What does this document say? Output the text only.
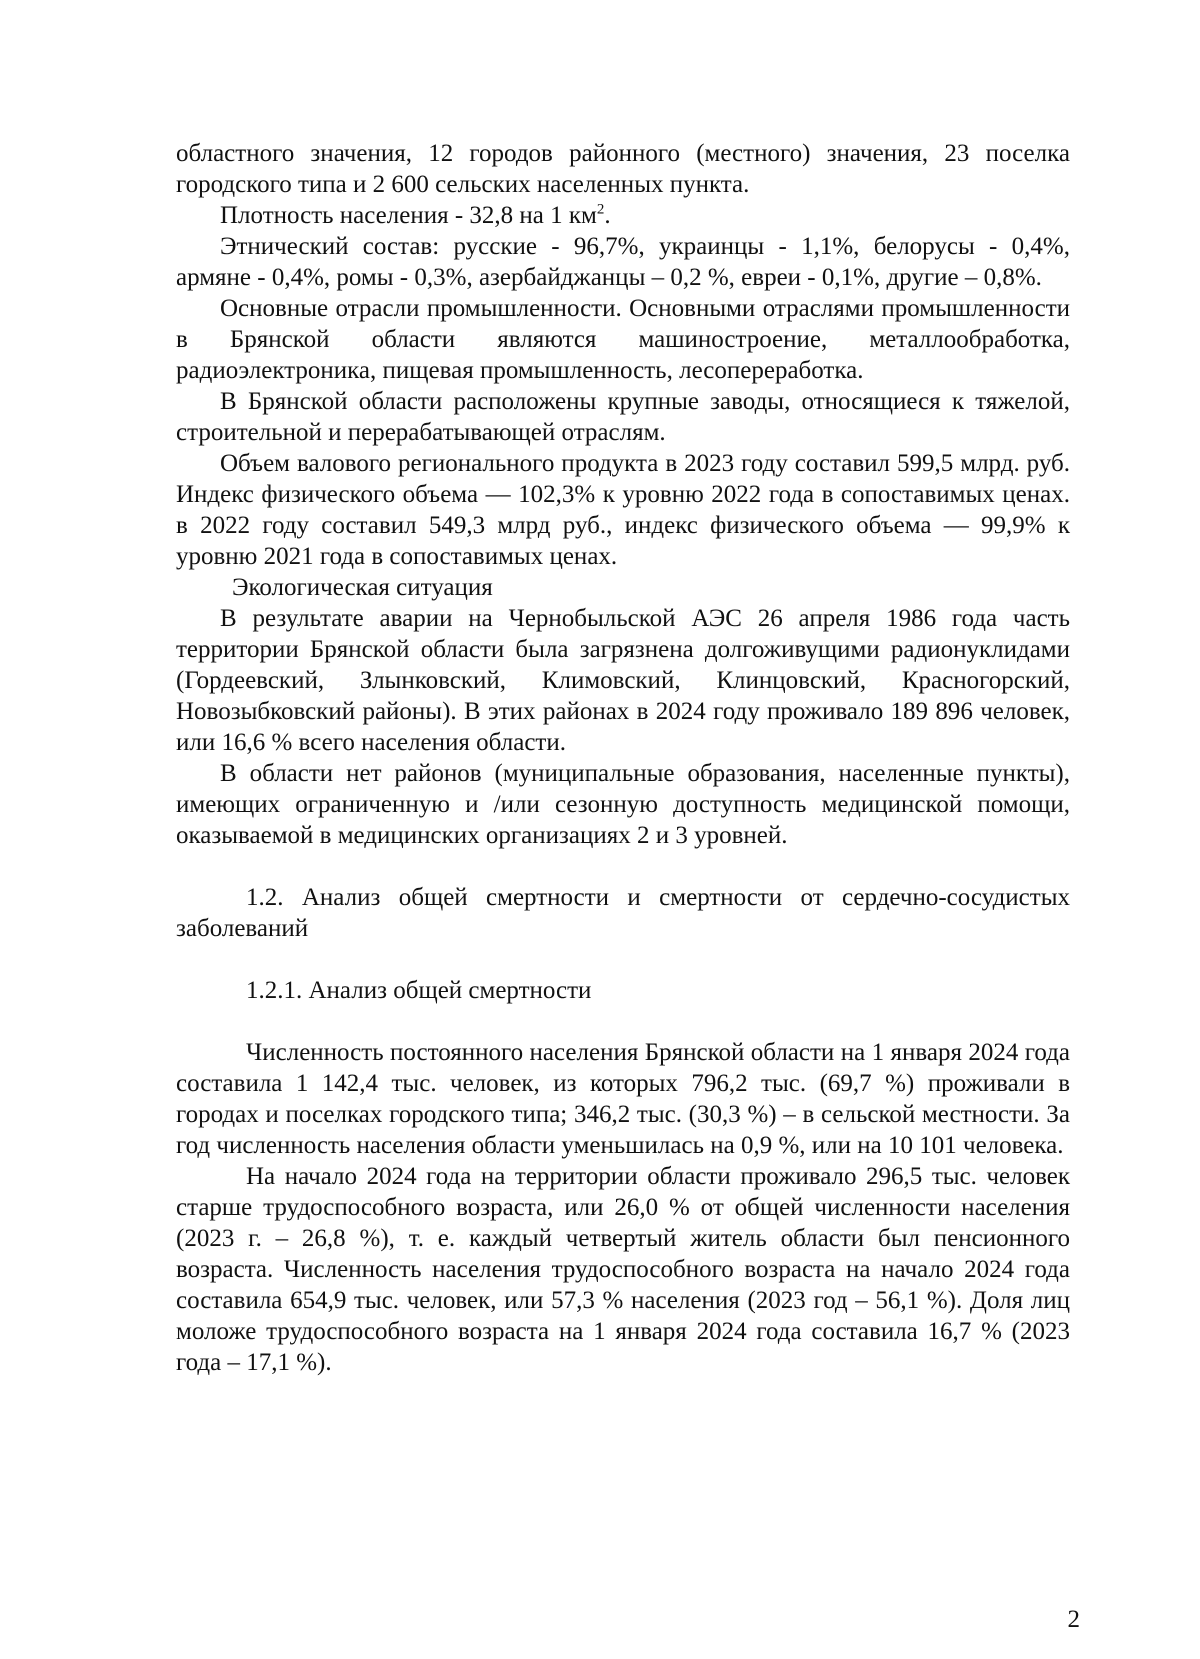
областного значения, 12 городов районного (местного) значения, 23 поселка городского типа и 2 600 сельских населенных пункта.

Плотность населения - 32,8 на 1 $км^2$.

Этнический состав: русские - 96,7%, украинцы - 1,1%, белорусы - 0,4%, армяне - 0,4%, ромы - 0,3%, азербайджанцы – 0,2 %, евреи - 0,1%, другие – 0,8%.

Основные отрасли промышленности. Основными отраслями промышленности в Брянской области являются машиностроение, металлообработка, радиоэлектроника, пищевая промышленность, лесопереработка.

В Брянской области расположены крупные заводы, относящиеся к тяжелой, строительной и перерабатывающей отраслям.

Объем валового регионального продукта в 2023 году составил 599,5 млрд. руб. Индекс физического объема — 102,3% к уровню 2022 года в сопоставимых ценах. в 2022 году составил 549,3 млрд руб., индекс физического объема — 99,9% к уровню 2021 года в сопоставимых ценах.

Экологическая ситуация

В результате аварии на Чернобыльской АЭС 26 апреля 1986 года часть территории Брянской области была загрязнена долгоживущими радионуклидами (Гордеевский, Злынковский, Климовский, Клинцовский, Красногорский, Новозыбковский районы). В этих районах в 2024 году проживало 189 896 человек, или 16,6 % всего населения области.

В области нет районов (муниципальные образования, населенные пункты), имеющих ограниченную и /или сезонную доступность медицинской помощи, оказываемой в медицинских организациях 2 и 3 уровней.

1.2. Анализ общей смертности и смертности от сердечно-сосудистых заболеваний

1.2.1. Анализ общей смертности

Численность постоянного населения Брянской области на 1 января 2024 года составила 1 142,4 тыс. человек, из которых 796,2 тыс. (69,7 %) проживали в городах и поселках городского типа; 346,2 тыс. (30,3 %) – в сельской местности. За год численность населения области уменьшилась на 0,9 %, или на 10 101 человека.

На начало 2024 года на территории области проживало 296,5 тыс. человек старше трудоспособного возраста, или 26,0 % от общей численности населения (2023 г. – 26,8 %), т. е. каждый четвертый житель области был пенсионного возраста. Численность населения трудоспособного возраста на начало 2024 года составила 654,9 тыс. человек, или 57,3 % населения (2023 год – 56,1 %). Доля лиц моложе трудоспособного возраста на 1 января 2024 года составила 16,7 % (2023 года – 17,1 %).

2
